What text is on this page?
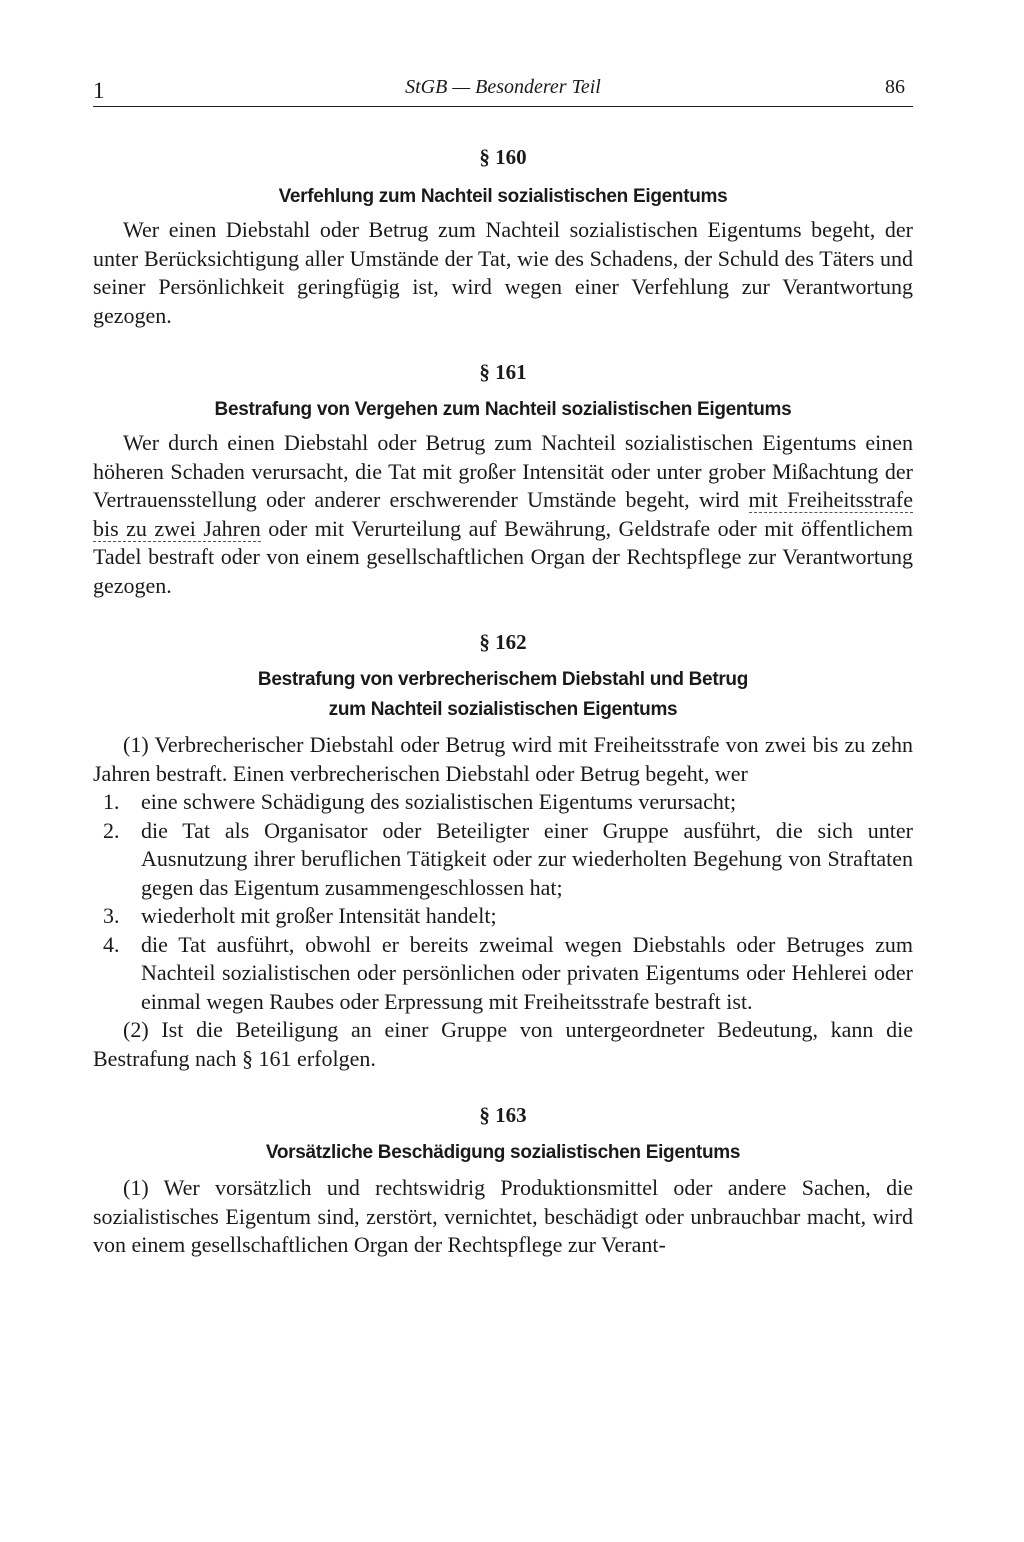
1	StGB — Besonderer Teil	86
§ 160
Verfehlung zum Nachteil sozialistischen Eigentums

Wer einen Diebstahl oder Betrug zum Nachteil sozialistischen Eigentums begeht, der unter Berücksichtigung aller Umstände der Tat, wie des Schadens, der Schuld des Täters und seiner Persönlichkeit geringfügig ist, wird wegen einer Verfehlung zur Verantwortung gezogen.

§ 161
Bestrafung von Vergehen zum Nachteil sozialistischen Eigentums

Wer durch einen Diebstahl oder Betrug zum Nachteil sozialistischen Eigentums einen höheren Schaden verursacht, die Tat mit großer Intensität oder unter grober Mißachtung der Vertrauensstellung oder anderer erschwerender Umstände begeht, wird mit Freiheitsstrafe bis zu zwei Jahren oder mit Verurteilung auf Bewährung, Geldstrafe oder mit öffentlichem Tadel bestraft oder von einem gesellschaftlichen Organ der Rechtspflege zur Verantwortung gezogen.

§ 162
Bestrafung von verbrecherischem Diebstahl und Betrug
zum Nachteil sozialistischen Eigentums

(1) Verbrecherischer Diebstahl oder Betrug wird mit Freiheitsstrafe von zwei bis zu zehn Jahren bestraft. Einen verbrecherischen Diebstahl oder Betrug begeht, wer

1. eine schwere Schädigung des sozialistischen Eigentums verursacht;
2. die Tat als Organisator oder Beteiligter einer Gruppe ausführt, die sich unter Ausnutzung ihrer beruflichen Tätigkeit oder zur wiederholten Begehung von Straftaten gegen das Eigentum zusammengeschlossen hat;
3. wiederholt mit großer Intensität handelt;
4. die Tat ausführt, obwohl er bereits zweimal wegen Diebstahls oder Betruges zum Nachteil sozialistischen oder persönlichen oder privaten Eigentums oder Hehlerei oder einmal wegen Raubes oder Erpressung mit Freiheitsstrafe bestraft ist.

(2) Ist die Beteiligung an einer Gruppe von untergeordneter Bedeutung, kann die Bestrafung nach § 161 erfolgen.

§ 163
Vorsätzliche Beschädigung sozialistischen Eigentums

(1) Wer vorsätzlich und rechtswidrig Produktionsmittel oder andere Sachen, die sozialistisches Eigentum sind, zerstört, vernichtet, beschädigt oder unbrauchbar macht, wird von einem gesellschaftlichen Organ der Rechtspflege zur Verant-
